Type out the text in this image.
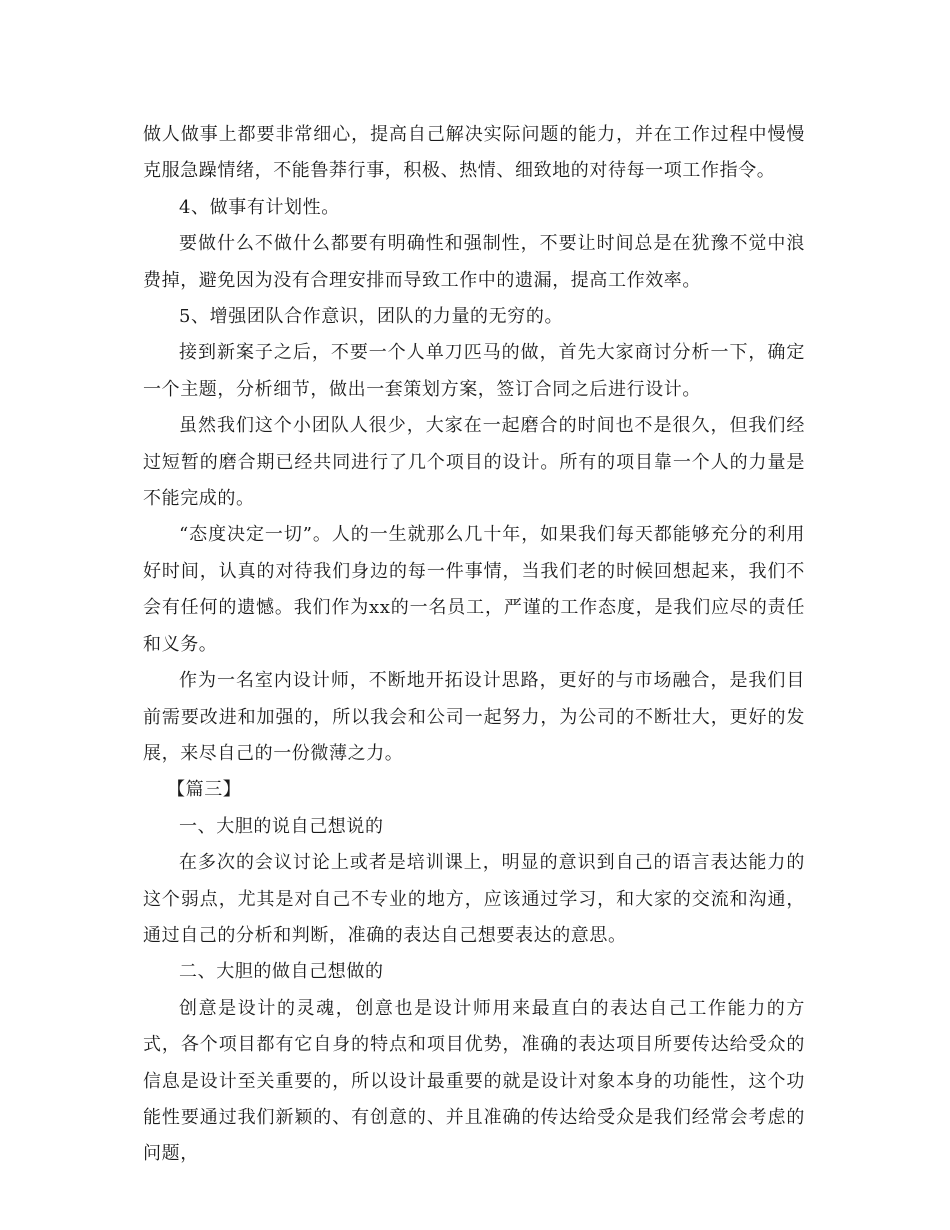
做人做事上都要非常细心，提高自己解决实际问题的能力，并在工作过程中慢慢克服急躁情绪，不能鲁莽行事，积极、热情、细致地的对待每一项工作指令。

4、做事有计划性。

要做什么不做什么都要有明确性和强制性，不要让时间总是在犹豫不觉中浪费掉，避免因为没有合理安排而导致工作中的遗漏，提高工作效率。

5、增强团队合作意识，团队的力量的无穷的。

接到新案子之后，不要一个人单刀匹马的做，首先大家商讨分析一下，确定一个主题，分析细节，做出一套策划方案，签订合同之后进行设计。

虽然我们这个小团队人很少，大家在一起磨合的时间也不是很久，但我们经过短暂的磨合期已经共同进行了几个项目的设计。所有的项目靠一个人的力量是不能完成的。

“态度决定一切”。人的一生就那么几十年，如果我们每天都能够充分的利用好时间，认真的对待我们身边的每一件事情，当我们老的时候回想起来，我们不会有任何的遗憾。我们作为xx的一名员工，严谨的工作态度，是我们应尽的责任和义务。

作为一名室内设计师，不断地开拓设计思路，更好的与市场融合，是我们目前需要改进和加强的，所以我会和公司一起努力，为公司的不断壮大，更好的发展，来尽自己的一份微薄之力。

【篇三】

一、大胆的说自己想说的

在多次的会议讨论上或者是培训课上，明显的意识到自己的语言表达能力的这个弱点，尤其是对自己不专业的地方，应该通过学习，和大家的交流和沟通，通过自己的分析和判断，准确的表达自己想要表达的意思。

二、大胆的做自己想做的

创意是设计的灵魂，创意也是设计师用来最直白的表达自己工作能力的方式，各个项目都有它自身的特点和项目优势，准确的表达项目所要传达给受众的信息是设计至关重要的，所以设计最重要的就是设计对象本身的功能性，这个功能性要通过我们新颖的、有创意的、并且准确的传达给受众是我们经常会考虑的问题，
